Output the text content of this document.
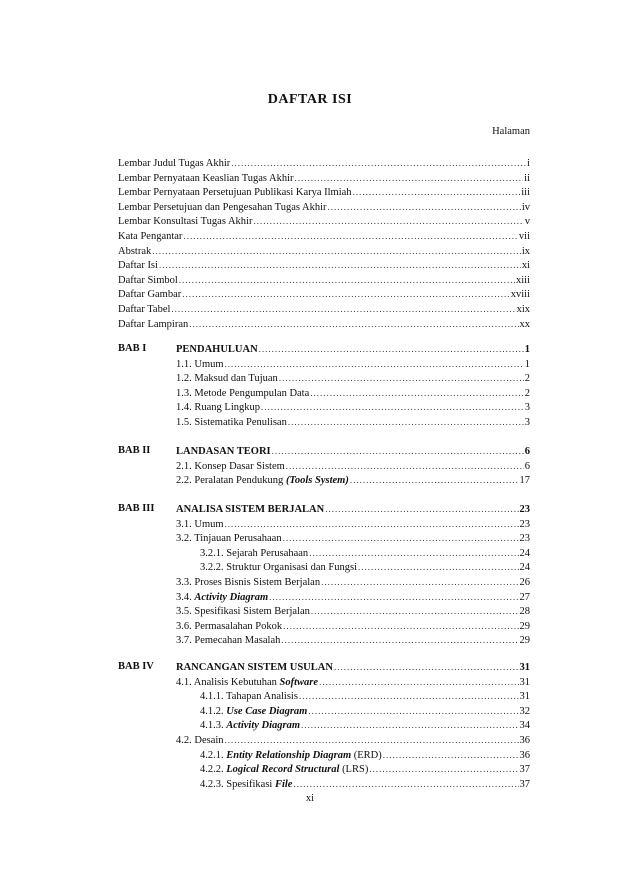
DAFTAR ISI
Halaman
Lembar Judul Tugas Akhir .....	i
Lembar Pernyataan Keaslian Tugas Akhir .....	ii
Lembar Pernyataan Persetujuan Publikasi Karya Ilmiah .....	iii
Lembar Persetujuan dan Pengesahan Tugas Akhir .....	iv
Lembar Konsultasi Tugas Akhir .....	v
Kata Pengantar .....	vii
Abstrak .....	ix
Daftar Isi .....	xi
Daftar Simbol .....	xiii
Daftar Gambar .....	xviii
Daftar Tabel .....	xix
Daftar Lampiran .....	xx
BAB I	PENDAHULUAN .....	1
1.1. Umum .....	1
1.2. Maksud dan Tujuan .....	2
1.3. Metode Pengumpulan Data .....	2
1.4. Ruang Lingkup .....	3
1.5. Sistematika Penulisan .....	3
BAB II LANDASAN TEORI .....	6
2.1. Konsep Dasar Sistem .....	6
2.2. Peralatan Pendukung (Tools System) .....	17
BAB III ANALISA SISTEM BERJALAN .....	23
3.1. Umum .....	23
3.2. Tinjauan Perusahaan .....	23
3.2.1. Sejarah Perusahaan .....	24
3.2.2. Struktur Organisasi dan Fungsi .....	24
3.3. Proses Bisnis Sistem Berjalan .....	26
3.4. Activity Diagram .....	27
3.5. Spesifikasi Sistem Berjalan .....	28
3.6. Permasalahan Pokok .....	29
3.7. Pemecahan Masalah .....	29
BAB IV RANCANGAN SISTEM USULAN .....	31
4.1. Analisis Kebutuhan Software .....	31
4.1.1. Tahapan Analisis .....	31
4.1.2. Use Case Diagram .....	32
4.1.3. Activity Diagram .....	34
4.2. Desain .....	36
4.2.1. Entity Relationship Diagram (ERD) .....	36
4.2.2. Logical Record Structural (LRS) .....	37
4.2.3. Spesifikasi File .....	37
xi
